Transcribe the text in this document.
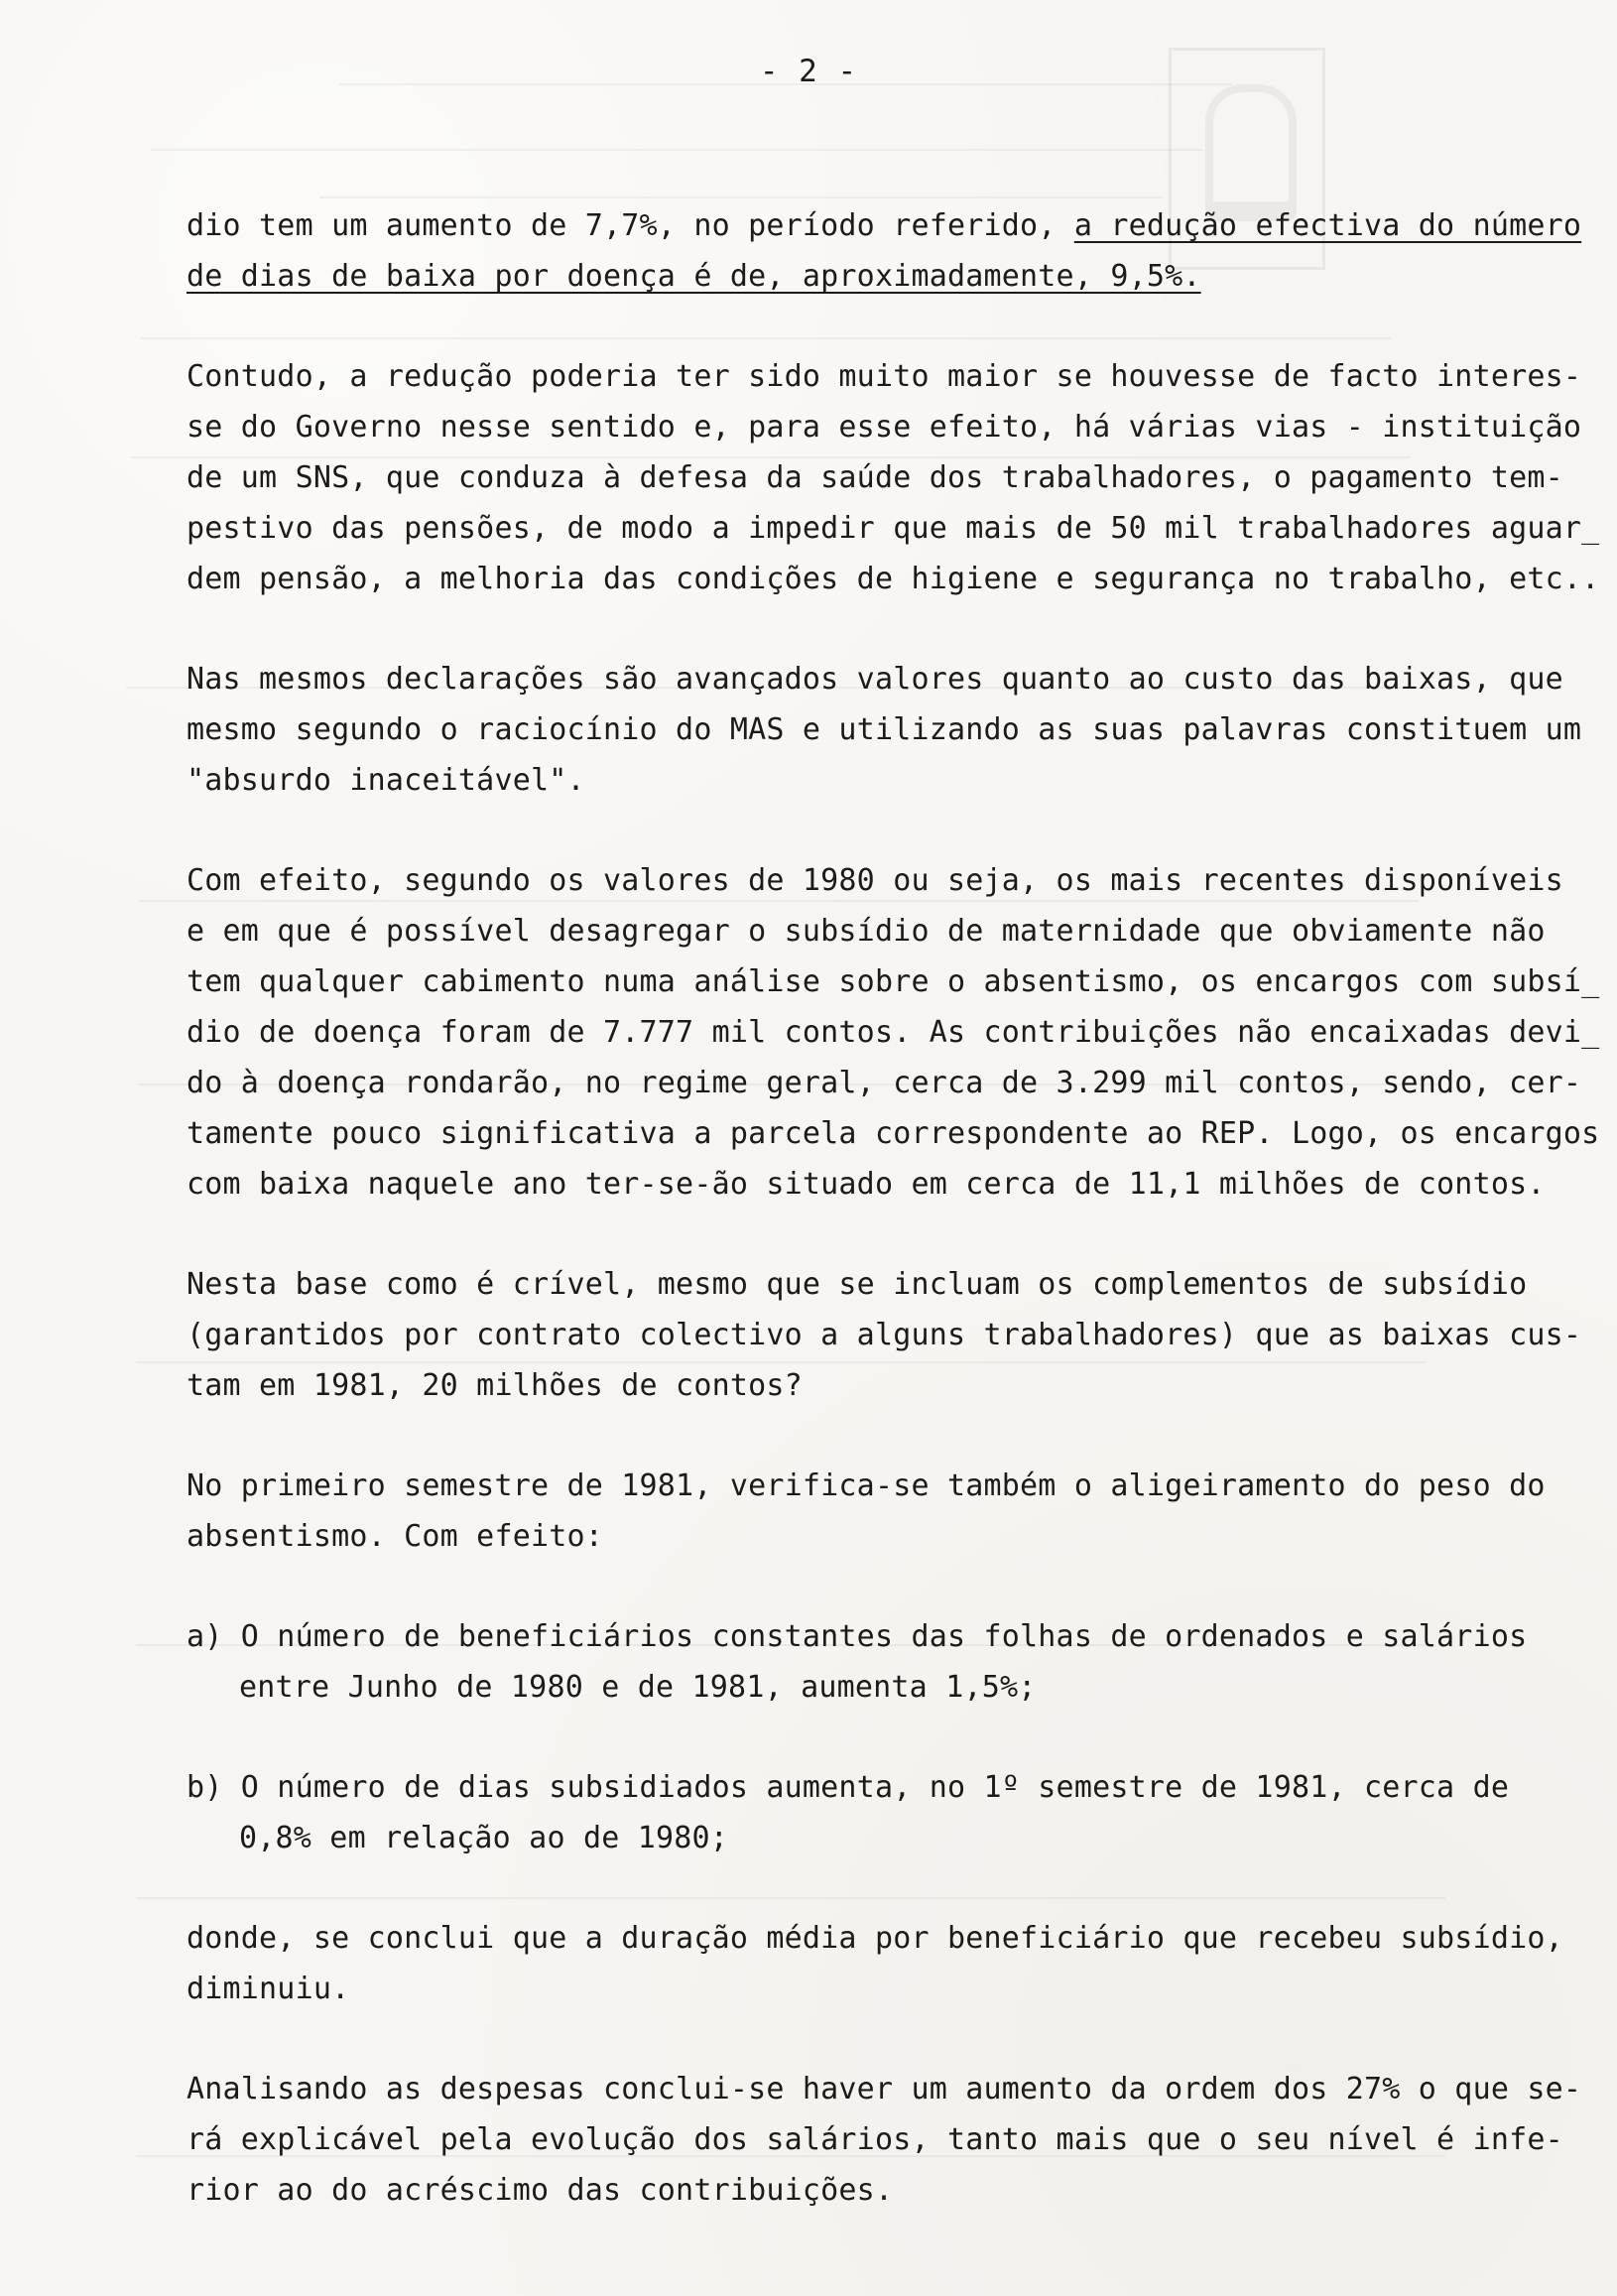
- 2 -
dio tem um aumento de 7,7%, no período referido, a redução efectiva do número
de dias de baixa por doença é de, aproximadamente, 9,5%.
Contudo, a redução poderia ter sido muito maior se houvesse de facto interes-
se do Governo nesse sentido e, para esse efeito, há várias vias - instituição
de um SNS, que conduza à defesa da saúde dos trabalhadores, o pagamento tem-
pestivo das pensões, de modo a impedir que mais de 50 mil trabalhadores aguar_
dem pensão, a melhoria das condições de higiene e segurança no trabalho, etc..
Nas mesmos declarações são avançados valores quanto ao custo das baixas, que
mesmo segundo o raciocínio do MAS e utilizando as suas palavras constituem um
"absurdo inaceitável".
Com efeito, segundo os valores de 1980 ou seja, os mais recentes disponíveis
e em que é possível desagregar o subsídio de maternidade que obviamente não
tem qualquer cabimento numa análise sobre o absentismo, os encargos com subsí_
dio de doença foram de 7.777 mil contos. As contribuições não encaixadas devi_
do à doença rondarão, no regime geral, cerca de 3.299 mil contos, sendo, cer-
tamente pouco significativa a parcela correspondente ao REP. Logo, os encargos
com baixa naquele ano ter-se-ão situado em cerca de 11,1 milhões de contos.
Nesta base como é crível, mesmo que se incluam os complementos de subsídio
(garantidos por contrato colectivo a alguns trabalhadores) que as baixas cus-
tam em 1981, 20 milhões de contos?
No primeiro semestre de 1981, verifica-se também o aligeiramento do peso do
absentismo. Com efeito:
a) O número de beneficiários constantes das folhas de ordenados e salários
entre Junho de 1980 e de 1981, aumenta 1,5%;
b) O número de dias subsidiados aumenta, no 1º semestre de 1981, cerca de
0,8% em relação ao de 1980;
donde, se conclui que a duração média por beneficiário que recebeu subsídio,
diminuiu.
Analisando as despesas conclui-se haver um aumento da ordem dos 27% o que se-
rá explicável pela evolução dos salários, tanto mais que o seu nível é infe-
rior ao do acréscimo das contribuições.
